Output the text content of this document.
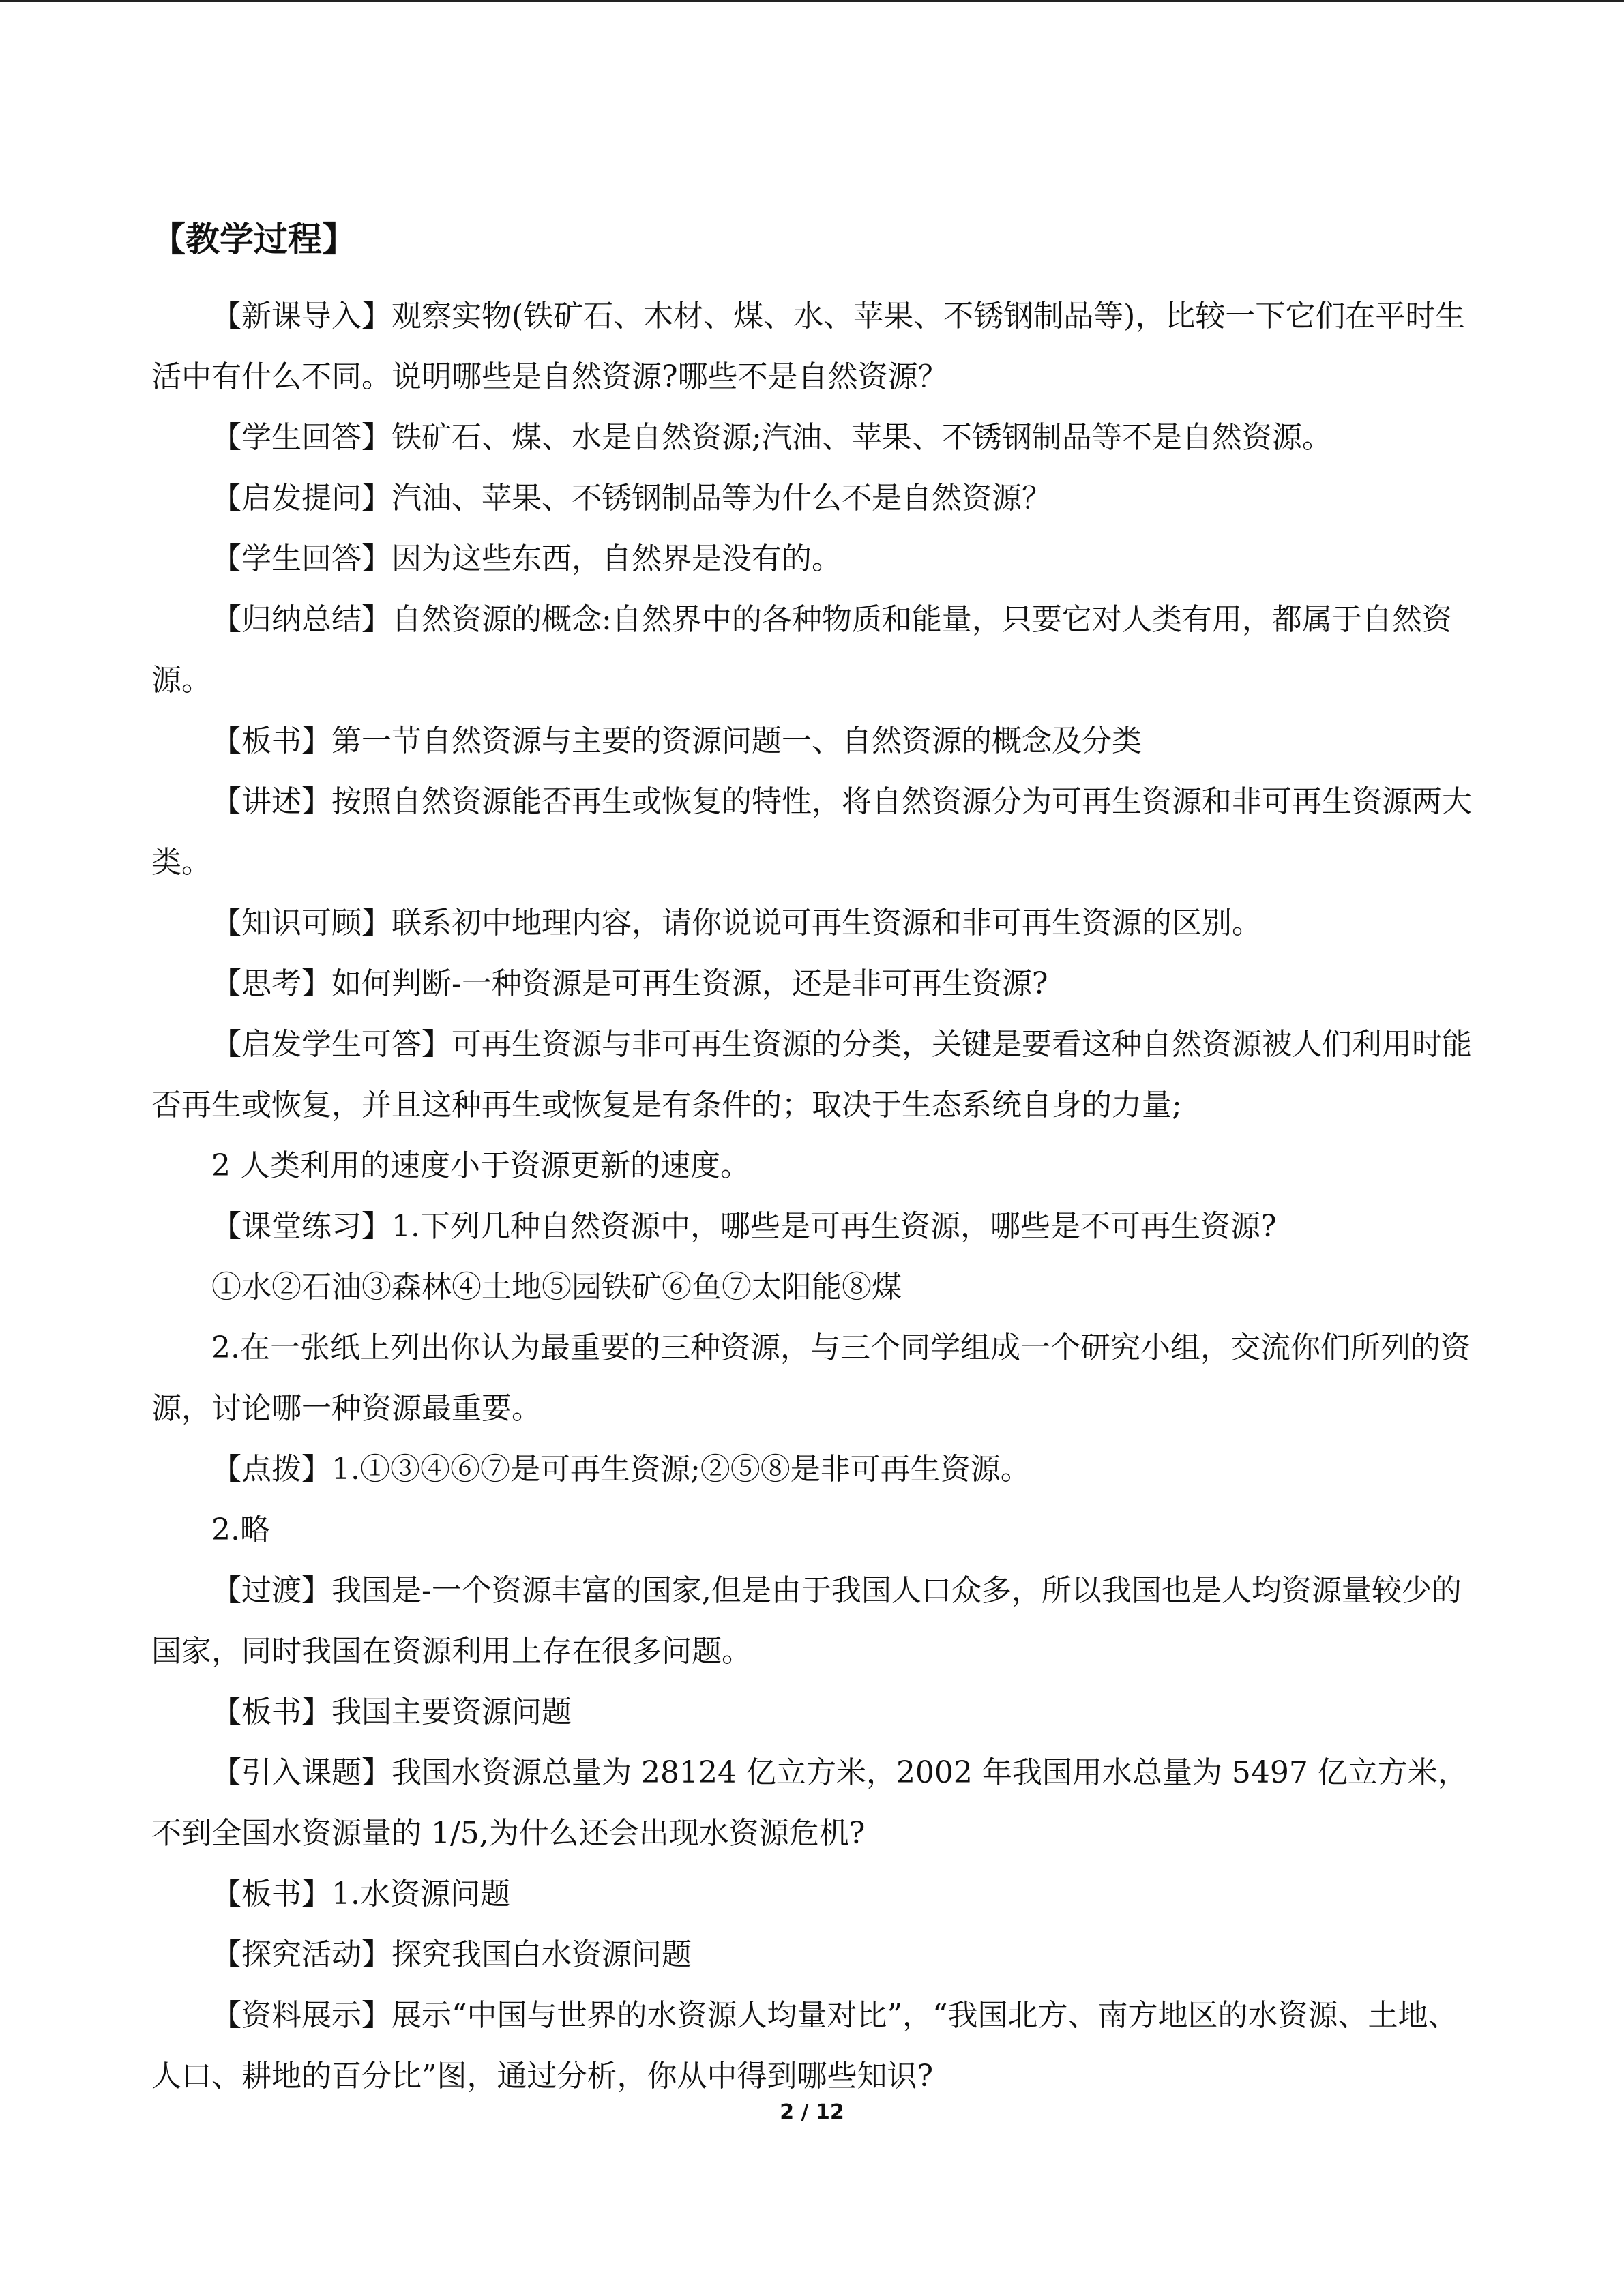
【教学过程】

【新课导入】观察实物(铁矿石、木材、煤、水、苹果、不锈钢制品等)，比较一下它们在平时生活中有什么不同。说明哪些是自然资源?哪些不是自然资源？

【学生回答】铁矿石、煤、水是自然资源;汽油、苹果、不锈钢制品等不是自然资源。

【启发提问】汽油、苹果、不锈钢制品等为什么不是自然资源？

【学生回答】因为这些东西，自然界是没有的。

【归纳总结】自然资源的概念:自然界中的各种物质和能量，只要它对人类有用，都属于自然资源。

【板书】第一节自然资源与主要的资源问题一、自然资源的概念及分类

【讲述】按照自然资源能否再生或恢复的特性，将自然资源分为可再生资源和非可再生资源两大类。

【知识可顾】联系初中地理内容，请你说说可再生资源和非可再生资源的区别。

【思考】如何判断-一种资源是可再生资源，还是非可再生资源?

【启发学生可答】可再生资源与非可再生资源的分类，关键是要看这种自然资源被人们利用时能否再生或恢复，并且这种再生或恢复是有条件的；取决于生态系统自身的力量;

2 人类利用的速度小于资源更新的速度。

【课堂练习】1.下列几种自然资源中，哪些是可再生资源，哪些是不可再生资源?

①水②石油③森林④土地⑤园铁矿⑥鱼⑦太阳能⑧煤

2.在一张纸上列出你认为最重要的三种资源，与三个同学组成一个研究小组，交流你们所列的资源，讨论哪一种资源最重要。

【点拨】1.①③④⑥⑦是可再生资源;②⑤⑧是非可再生资源。

2.略

【过渡】我国是-一个资源丰富的国家,但是由于我国人口众多，所以我国也是人均资源量较少的国家，同时我国在资源利用上存在很多问题。

【板书】我国主要资源问题

【引入课题】我国水资源总量为 28124 亿立方米，2002 年我国用水总量为 5497 亿立方米，不到全国水资源量的 1/5,为什么还会出现水资源危机?

【板书】1.水资源问题

【探究活动】探究我国白水资源问题

【资料展示】展示“中国与世界的水资源人均量对比”，“我国北方、南方地区的水资源、土地、人口、耕地的百分比”图，通过分析，你从中得到哪些知识?

2 / 12
